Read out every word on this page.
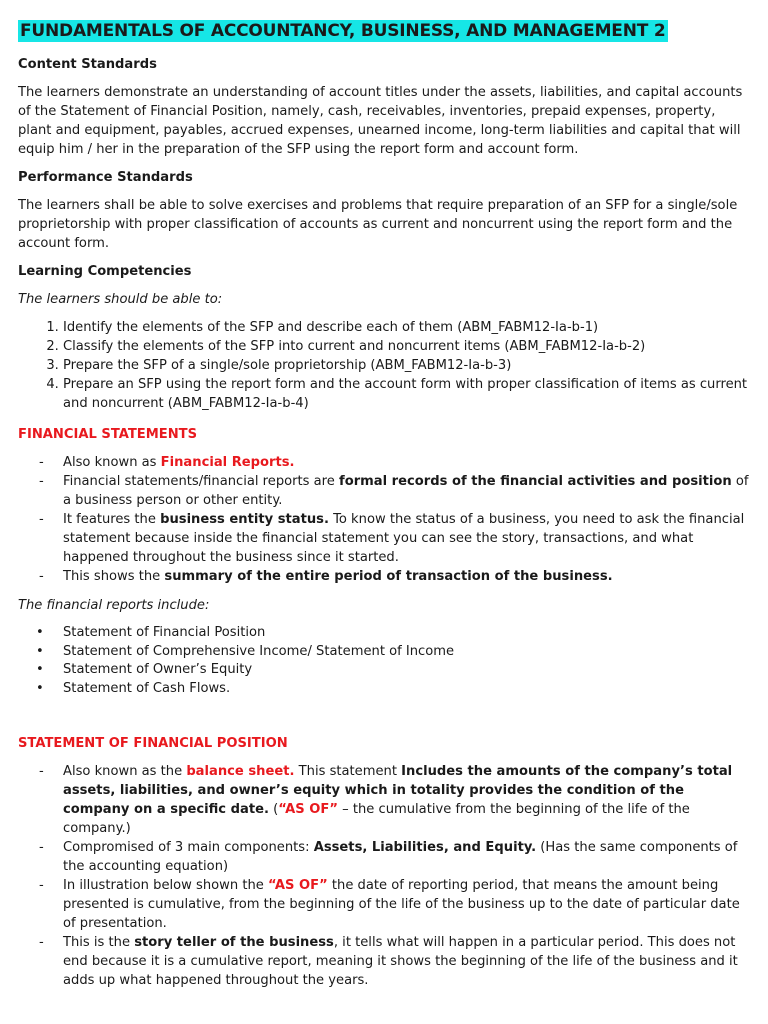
FUNDAMENTALS OF ACCOUNTANCY, BUSINESS, AND MANAGEMENT 2
Content Standards

The learners demonstrate an understanding of account titles under the assets, liabilities, and capital accounts of the Statement of Financial Position, namely, cash, receivables, inventories, prepaid expenses, property, plant and equipment, payables, accrued expenses, unearned income, long-term liabilities and capital that will equip him / her in the preparation of the SFP using the report form and account form.

Performance Standards

The learners shall be able to solve exercises and problems that require preparation of an SFP for a single/sole proprietorship with proper classification of accounts as current and noncurrent using the report form and the account form.

Learning Competencies

The learners should be able to:

1. Identify the elements of the SFP and describe each of them (ABM_FABM12-Ia-b-1)
2. Classify the elements of the SFP into current and noncurrent items (ABM_FABM12-Ia-b-2)
3. Prepare the SFP of a single/sole proprietorship (ABM_FABM12-Ia-b-3)
4. Prepare an SFP using the report form and the account form with proper classification of items as current and noncurrent (ABM_FABM12-Ia-b-4)
FINANCIAL STATEMENTS
- Also known as Financial Reports.
- Financial statements/financial reports are formal records of the financial activities and position of a business person or other entity.
- It features the business entity status. To know the status of a business, you need to ask the financial statement because inside the financial statement you can see the story, transactions, and what happened throughout the business since it started.
- This shows the summary of the entire period of transaction of the business.

The financial reports include:

• Statement of Financial Position
• Statement of Comprehensive Income/ Statement of Income
• Statement of Owner’s Equity
• Statement of Cash Flows.
STATEMENT OF FINANCIAL POSITION
- Also known as the balance sheet. This statement Includes the amounts of the company’s total assets, liabilities, and owner’s equity which in totality provides the condition of the company on a specific date. (“AS OF” – the cumulative from the beginning of the life of the company.)
- Compromised of 3 main components: Assets, Liabilities, and Equity. (Has the same components of the accounting equation)
- In illustration below shown the “AS OF” the date of reporting period, that means the amount being presented is cumulative, from the beginning of the life of the business up to the date of particular date of presentation.
- This is the story teller of the business, it tells what will happen in a particular period. This does not end because it is a cumulative report, meaning it shows the beginning of the life of the business and it adds up what happened throughout the years.
